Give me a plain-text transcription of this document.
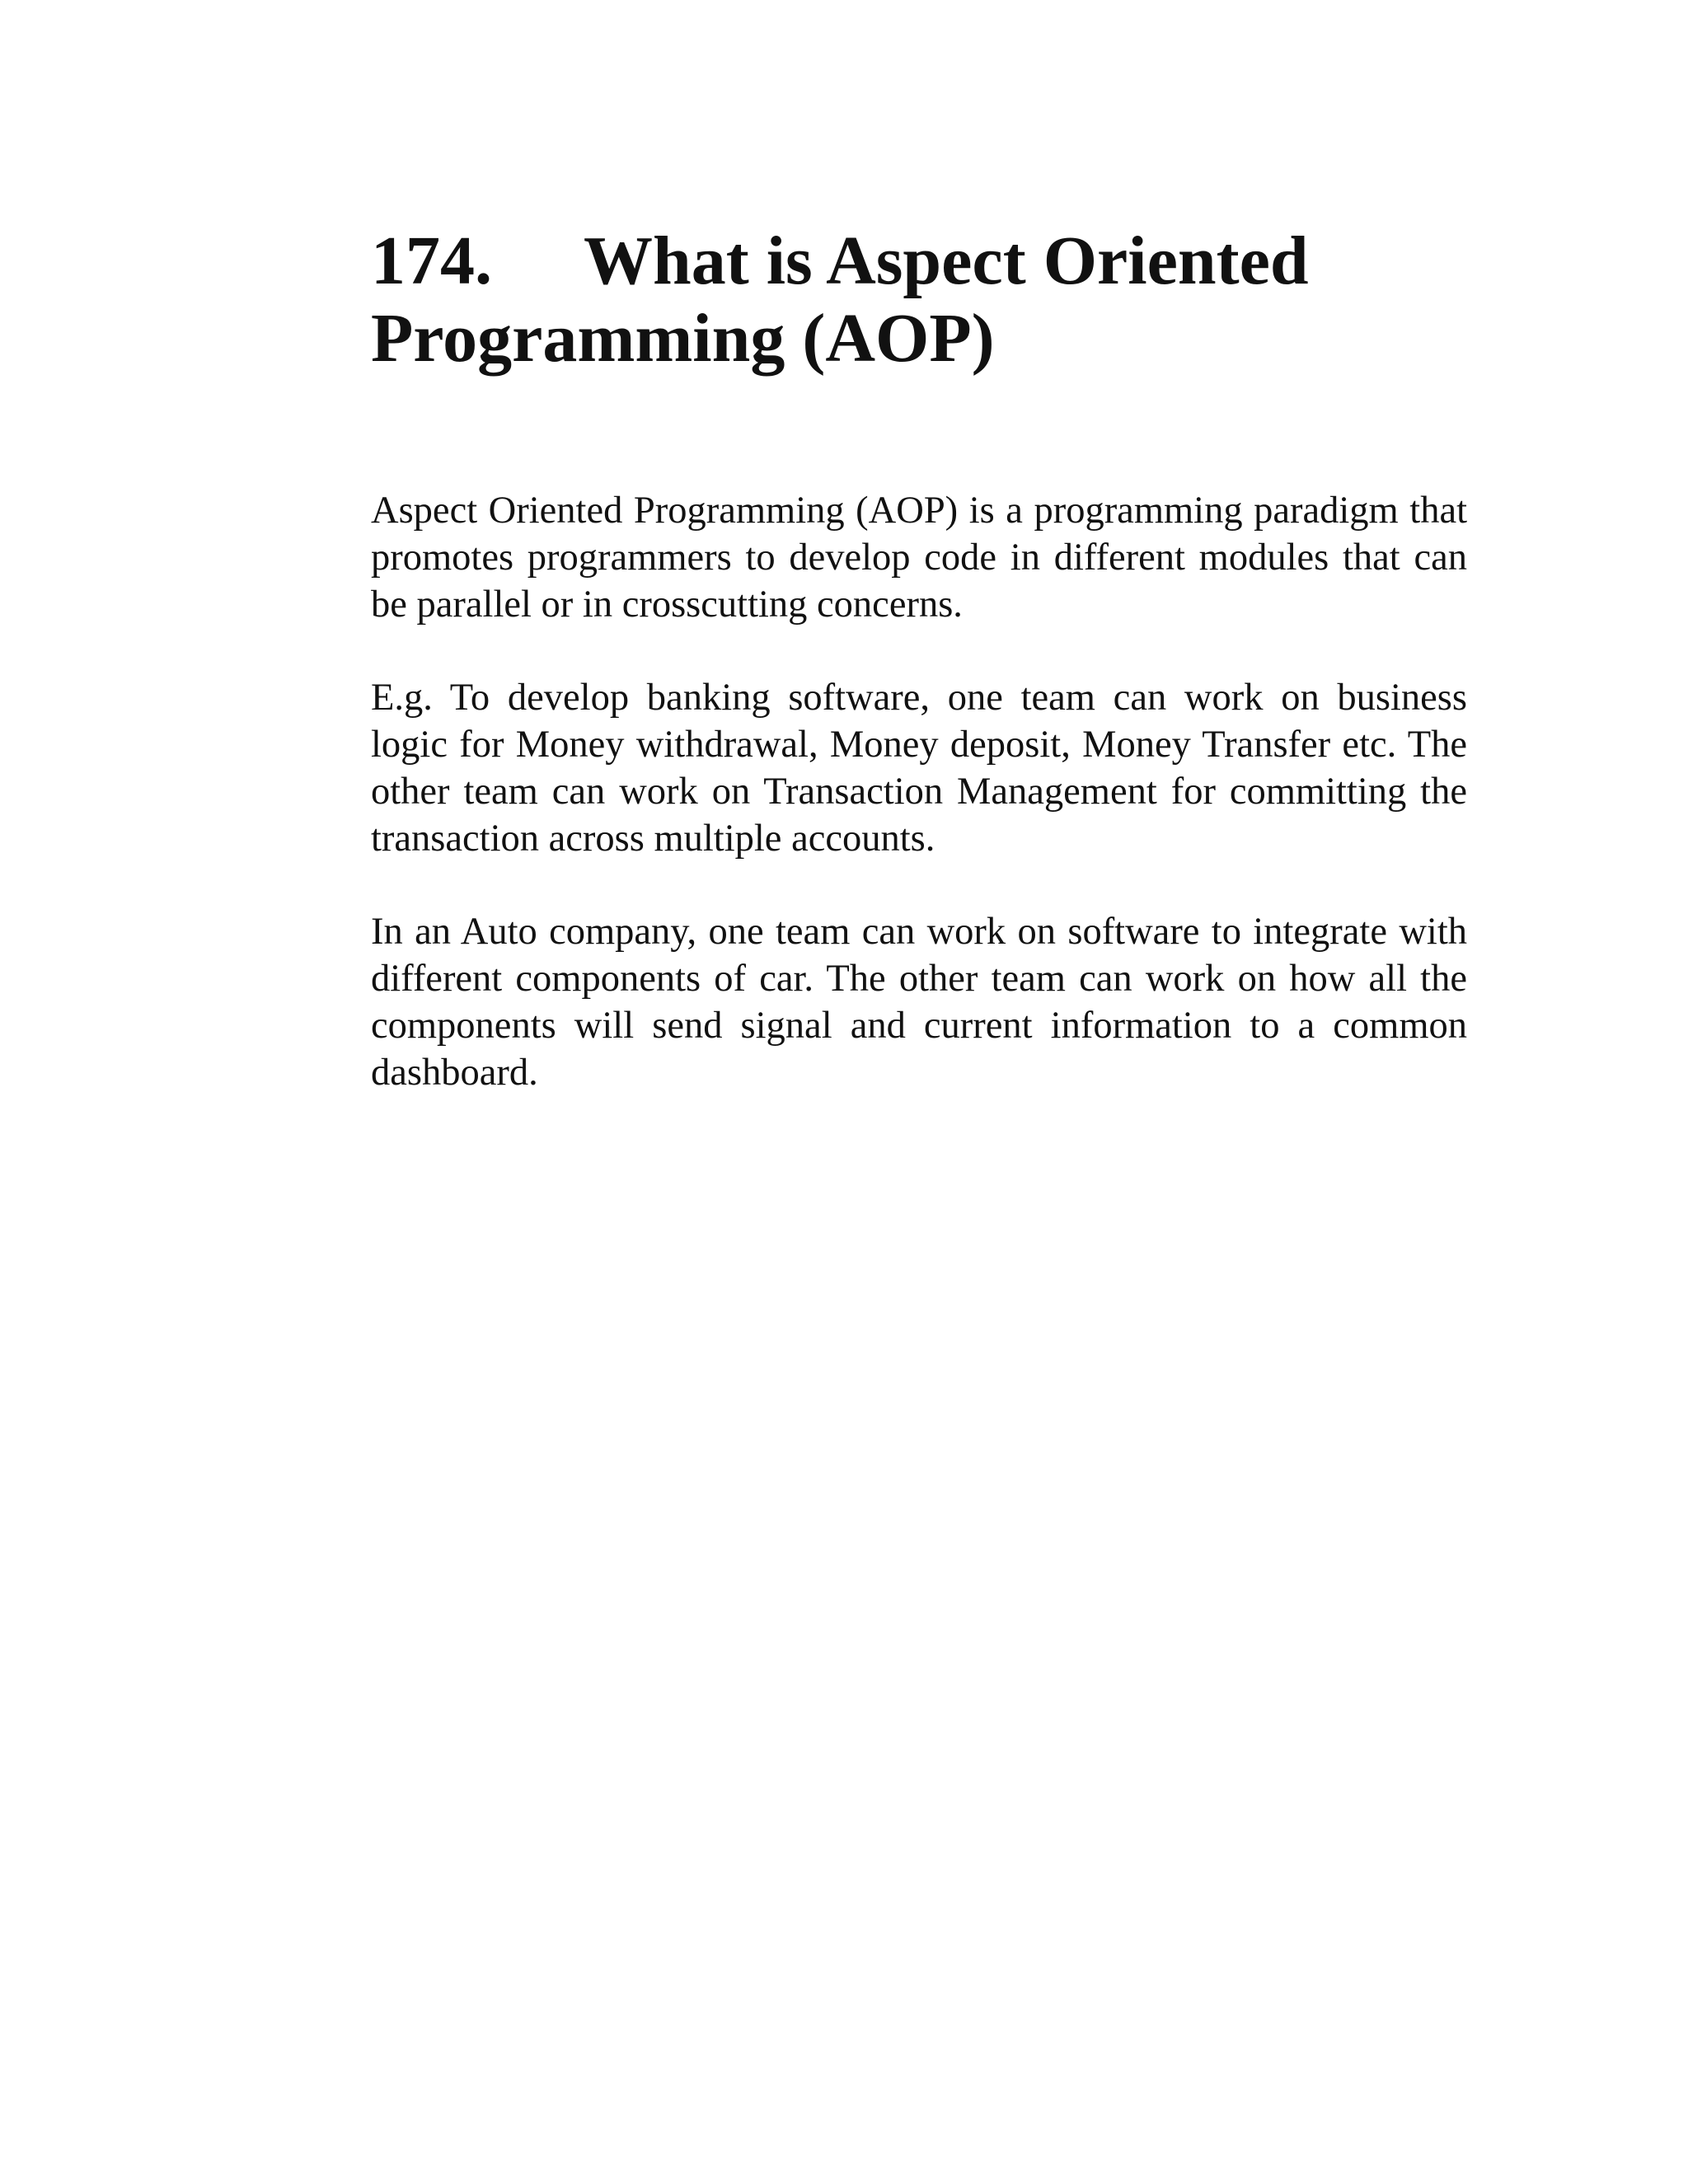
174. What is Aspect Oriented
Programming (AOP)

Aspect Oriented Programming (AOP) is a programming paradigm that promotes programmers to develop code in different modules that can be parallel or in crosscutting concerns.

E.g. To develop banking software, one team can work on business logic for Money withdrawal, Money deposit, Money Transfer etc. The other team can work on Transaction Management for committing the transaction across multiple accounts.

In an Auto company, one team can work on software to integrate with different components of car. The other team can work on how all the components will send signal and current information to a common dashboard.
